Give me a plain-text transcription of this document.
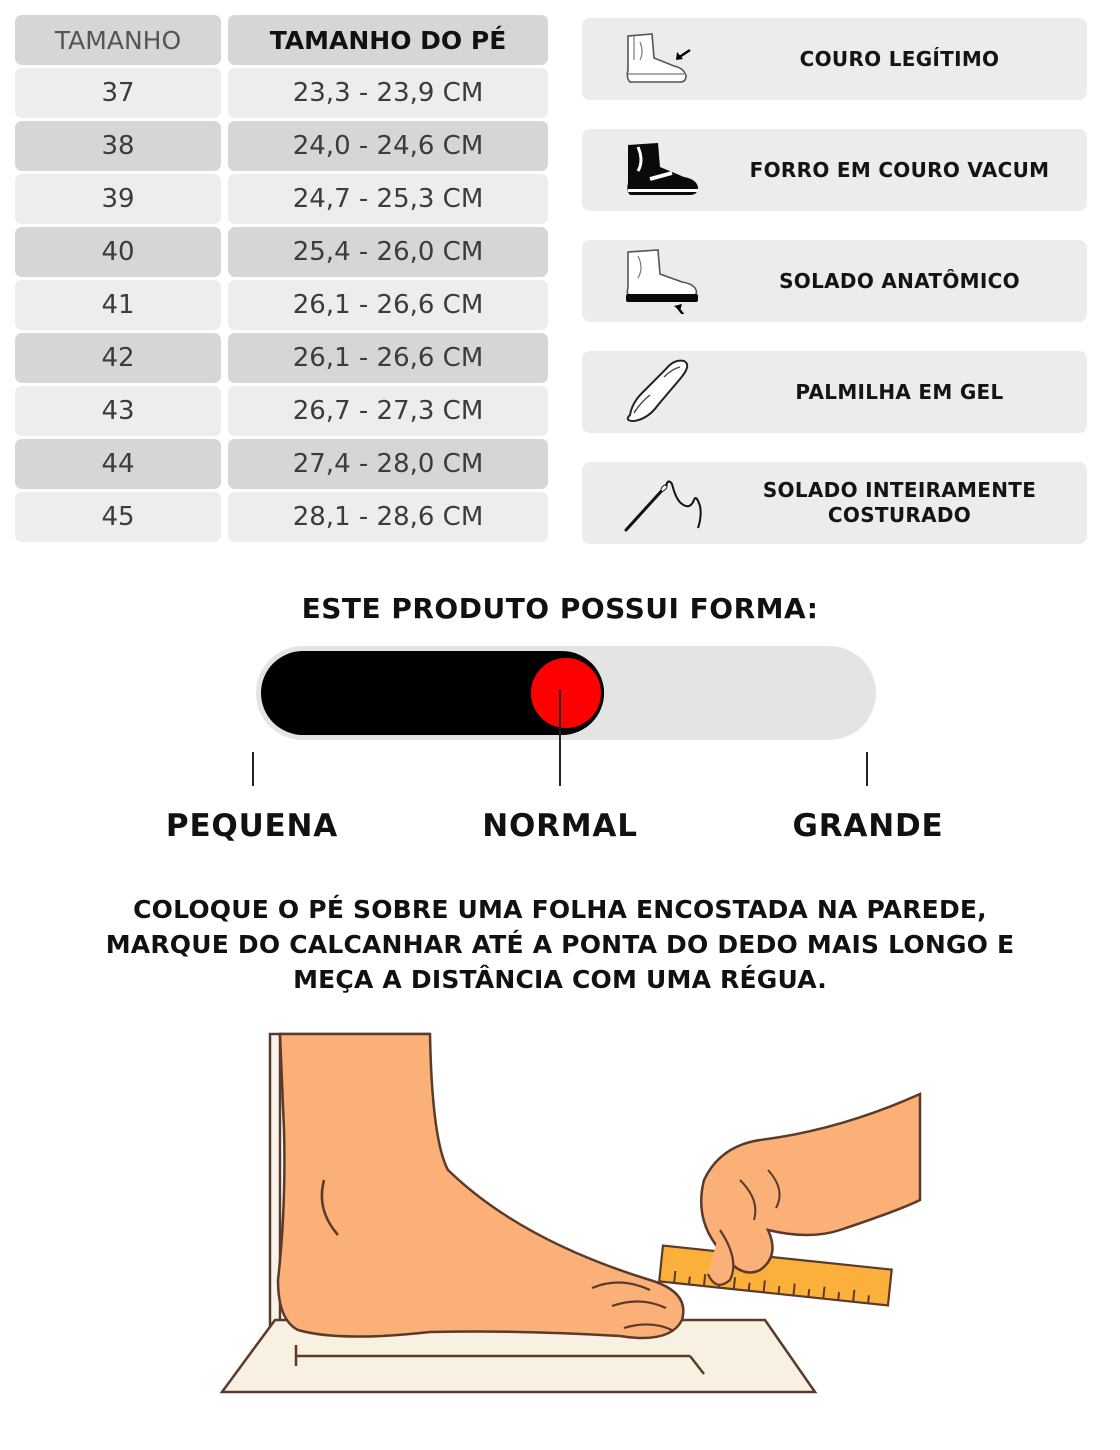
TAMANHO	TAMANHO DO PÉ
37	23,3 - 23,9 CM
38	24,0 - 24,6 CM
39	24,7 - 25,3 CM
40	25,4 - 26,0 CM
41	26,1 - 26,6 CM
42	26,1 - 26,6 CM
43	26,7 - 27,3 CM
44	27,4 - 28,0 CM
45	28,1 - 28,6 CM
COURO LEGÍTIMO
FORRO EM COURO VACUM
SOLADO ANATÔMICO
PALMILHA EM GEL
SOLADO INTEIRAMENTE COSTURADO
ESTE PRODUTO POSSUI FORMA:
PEQUENA	NORMAL	GRANDE
COLOQUE O PÉ SOBRE UMA FOLHA ENCOSTADA NA PAREDE,
MARQUE DO CALCANHAR ATÉ A PONTA DO DEDO MAIS LONGO E
MEÇA A DISTÂNCIA COM UMA RÉGUA.
